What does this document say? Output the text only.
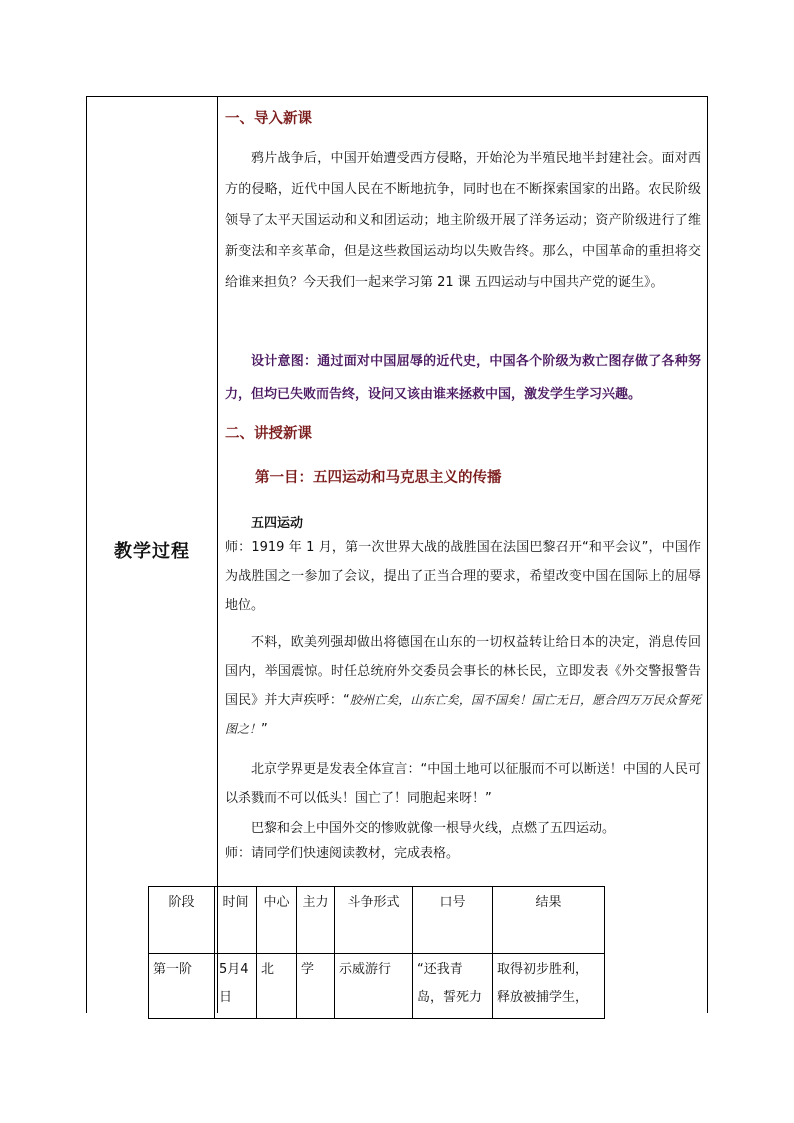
教学过程
一、导入新课
鸦片战争后，中国开始遭受西方侵略，开始沦为半殖民地半封建社会。面对西方的侵略，近代中国人民在不断地抗争，同时也在不断探索国家的出路。农民阶级领导了太平天国运动和义和团运动；地主阶级开展了洋务运动；资产阶级进行了维新变法和辛亥革命，但是这些救国运动均以失败告终。那么，中国革命的重担将交给谁来担负？今天我们一起来学习第 21 课 五四运动与中国共产党的诞生》。
设计意图：通过面对中国屈辱的近代史，中国各个阶级为救亡图存做了各种努力，但均已失败而告终，设问又该由谁来拯救中国，激发学生学习兴趣。
二、讲授新课
第一目：五四运动和马克思主义的传播
五四运动
师：1919 年 1 月，第一次世界大战的战胜国在法国巴黎召开“和平会议”，中国作为战胜国之一参加了会议，提出了正当合理的要求，希望改变中国在国际上的屈辱地位。
不料，欧美列强却做出将德国在山东的一切权益转让给日本的决定，消息传回国内，举国震惊。时任总统府外交委员会事长的林长民，立即发表《外交警报警告国民》并大声疾呼：“胶州亡矣，山东亡矣，国不国矣！国亡无日，愿合四万万民众誓死图之！”
北京学界更是发表全体宣言：“中国土地可以征服而不可以断送！中国的人民可以杀戮而不可以低头！国亡了！同胞起来呀！”
巴黎和会上中国外交的惨败就像一根导火线，点燃了五四运动。
师：请同学们快速阅读教材，完成表格。
阶段	时间	中心	主力	斗争形式	口号	结果
第一阶	5月4日	北	学	示威游行	“还我青岛，誓死力	取得初步胜利，释放被捕学生，
